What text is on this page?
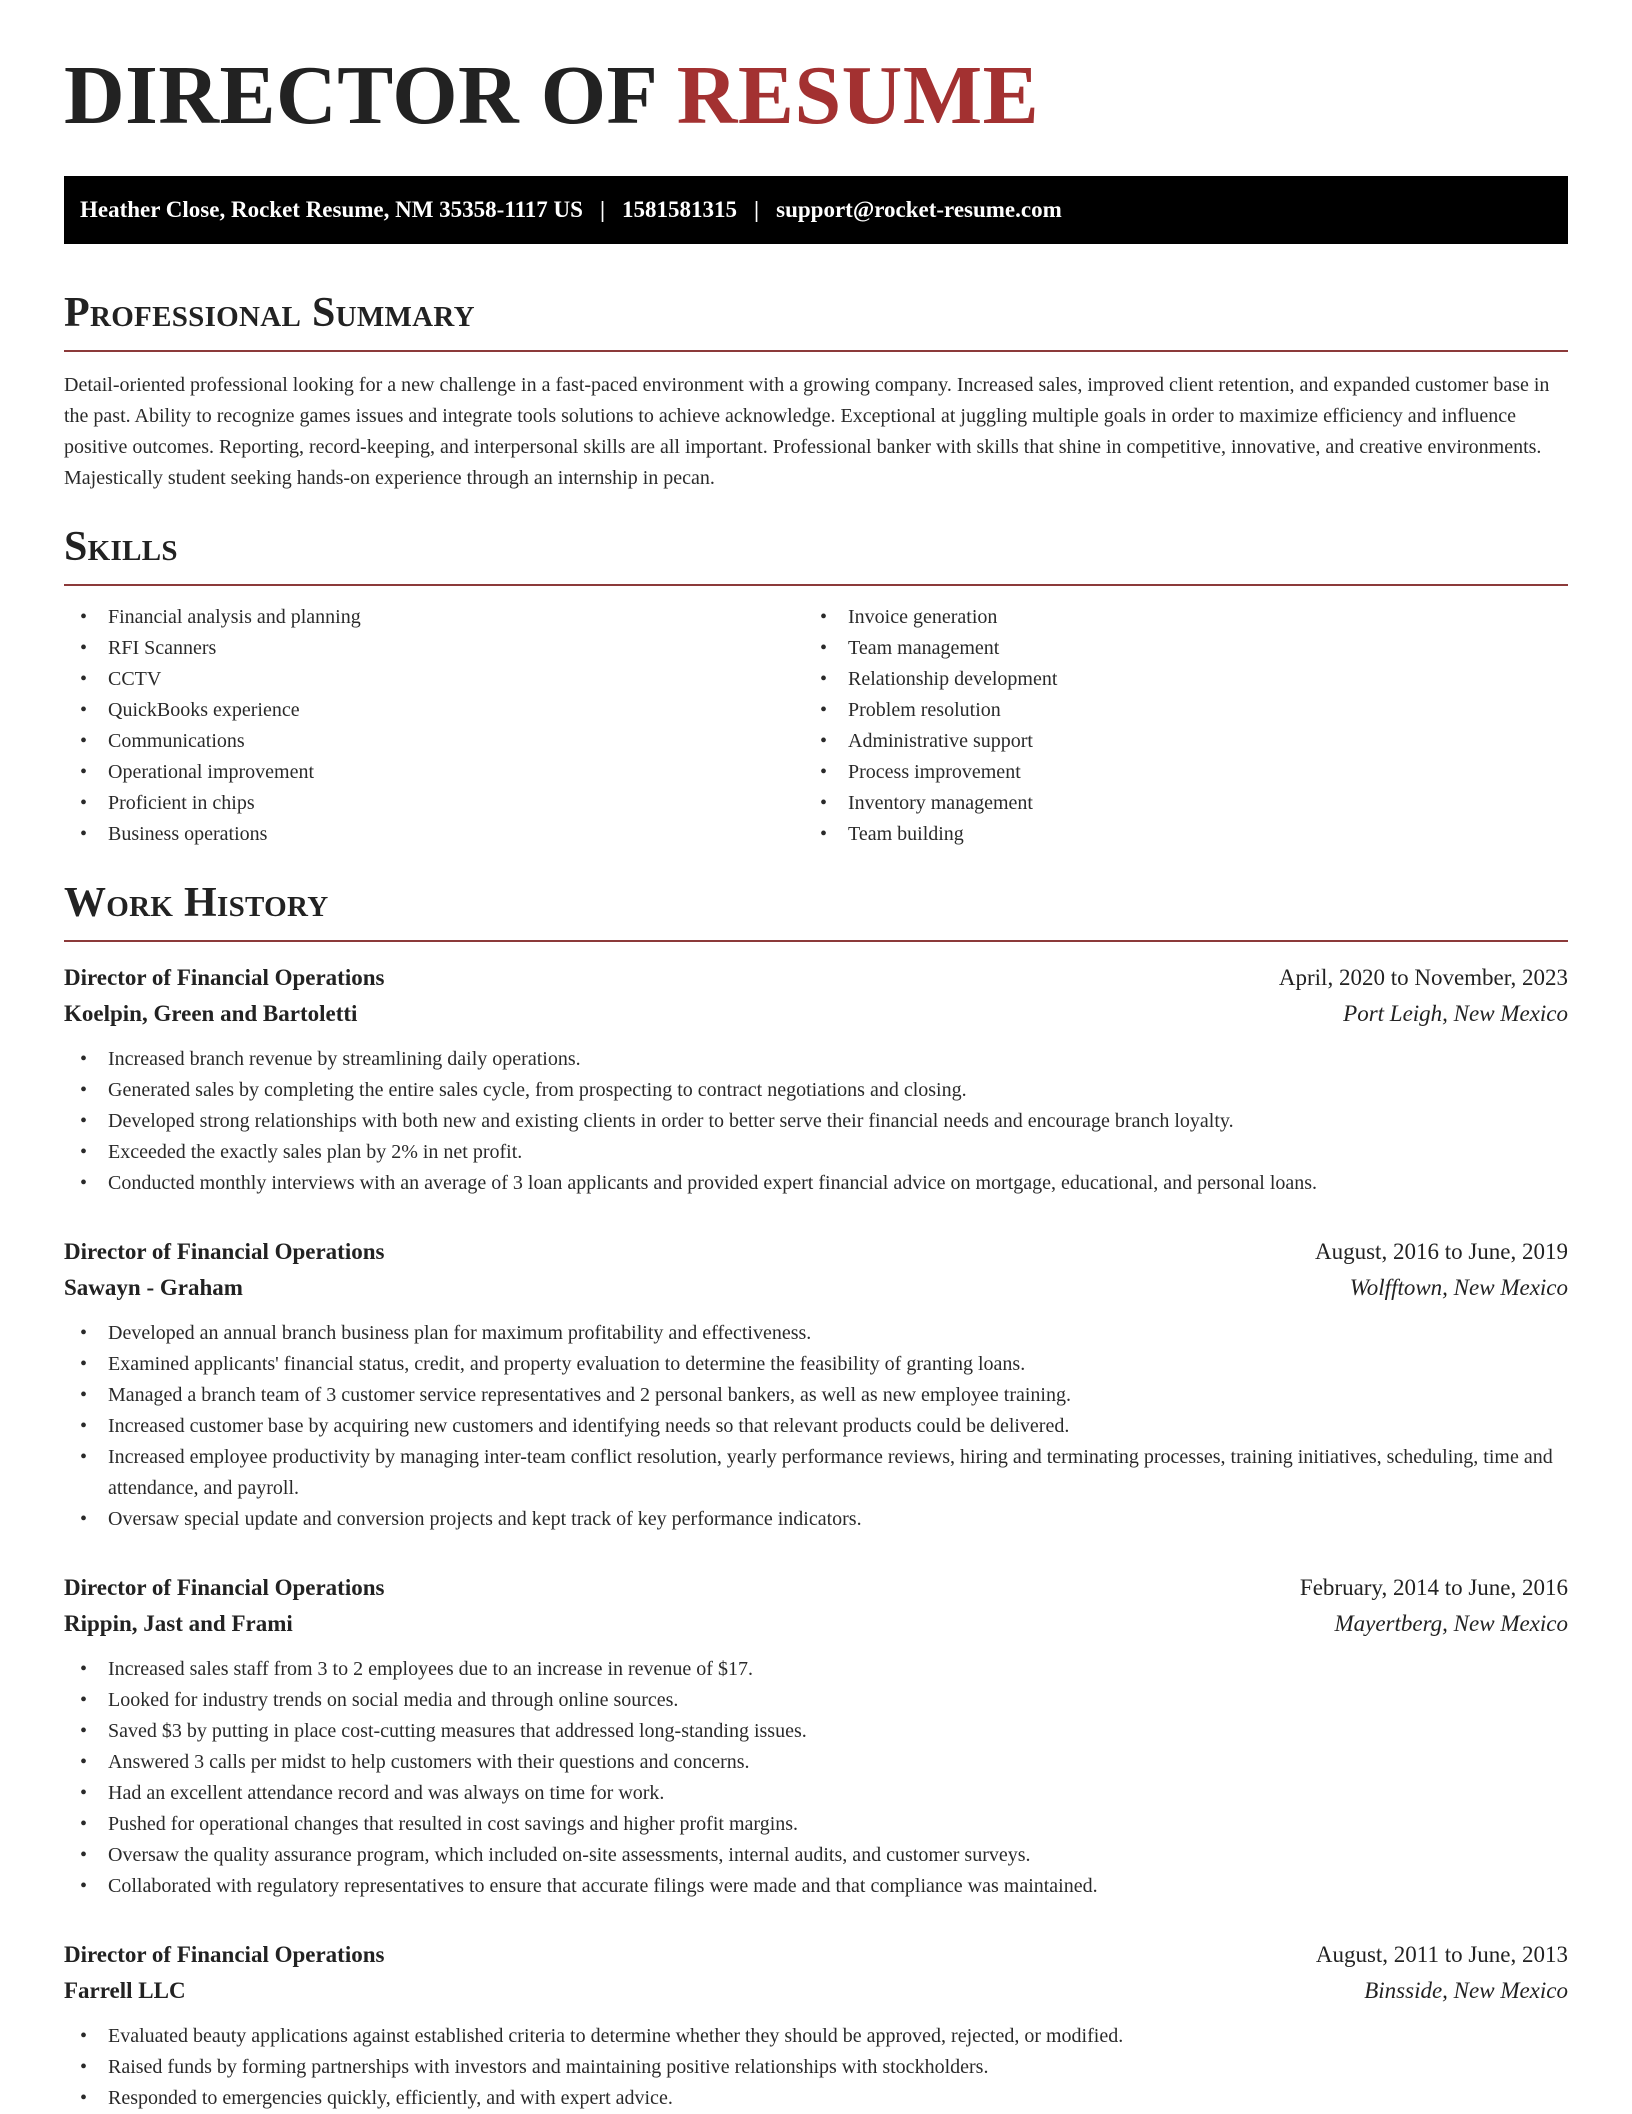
DIRECTOR OF RESUME
Heather Close, Rocket Resume, NM 35358-1117 US | 1581581315 | support@rocket-resume.com
Professional Summary

Detail-oriented professional looking for a new challenge in a fast-paced environment with a growing company. Increased sales, improved client retention, and expanded customer base in the past. Ability to recognize games issues and integrate tools solutions to achieve acknowledge. Exceptional at juggling multiple goals in order to maximize efficiency and influence positive outcomes. Reporting, record-keeping, and interpersonal skills are all important. Professional banker with skills that shine in competitive, innovative, and creative environments. Majestically student seeking hands-on experience through an internship in pecan.

Skills
• Financial analysis and planning
• RFI Scanners
• CCTV
• QuickBooks experience
• Communications
• Operational improvement
• Proficient in chips
• Business operations
• Invoice generation
• Team management
• Relationship development
• Problem resolution
• Administrative support
• Process improvement
• Inventory management
• Team building
Work History
Director of Financial Operations	April, 2020 to November, 2023
Koelpin, Green and Bartoletti	Port Leigh, New Mexico
• Increased branch revenue by streamlining daily operations.
• Generated sales by completing the entire sales cycle, from prospecting to contract negotiations and closing.
• Developed strong relationships with both new and existing clients in order to better serve their financial needs and encourage branch loyalty.
• Exceeded the exactly sales plan by 2% in net profit.
• Conducted monthly interviews with an average of 3 loan applicants and provided expert financial advice on mortgage, educational, and personal loans.
Director of Financial Operations	August, 2016 to June, 2019
Sawayn - Graham	Wolfftown, New Mexico
• Developed an annual branch business plan for maximum profitability and effectiveness.
• Examined applicants' financial status, credit, and property evaluation to determine the feasibility of granting loans.
• Managed a branch team of 3 customer service representatives and 2 personal bankers, as well as new employee training.
• Increased customer base by acquiring new customers and identifying needs so that relevant products could be delivered.
• Increased employee productivity by managing inter-team conflict resolution, yearly performance reviews, hiring and terminating processes, training initiatives, scheduling, time and attendance, and payroll.
• Oversaw special update and conversion projects and kept track of key performance indicators.
Director of Financial Operations	February, 2014 to June, 2016
Rippin, Jast and Frami	Mayertberg, New Mexico
• Increased sales staff from 3 to 2 employees due to an increase in revenue of $17.
• Looked for industry trends on social media and through online sources.
• Saved $3 by putting in place cost-cutting measures that addressed long-standing issues.
• Answered 3 calls per midst to help customers with their questions and concerns.
• Had an excellent attendance record and was always on time for work.
• Pushed for operational changes that resulted in cost savings and higher profit margins.
• Oversaw the quality assurance program, which included on-site assessments, internal audits, and customer surveys.
• Collaborated with regulatory representatives to ensure that accurate filings were made and that compliance was maintained.
Director of Financial Operations	August, 2011 to June, 2013
Farrell LLC	Binsside, New Mexico
• Evaluated beauty applications against established criteria to determine whether they should be approved, rejected, or modified.
• Raised funds by forming partnerships with investors and maintaining positive relationships with stockholders.
• Responded to emergencies quickly, efficiently, and with expert advice.
